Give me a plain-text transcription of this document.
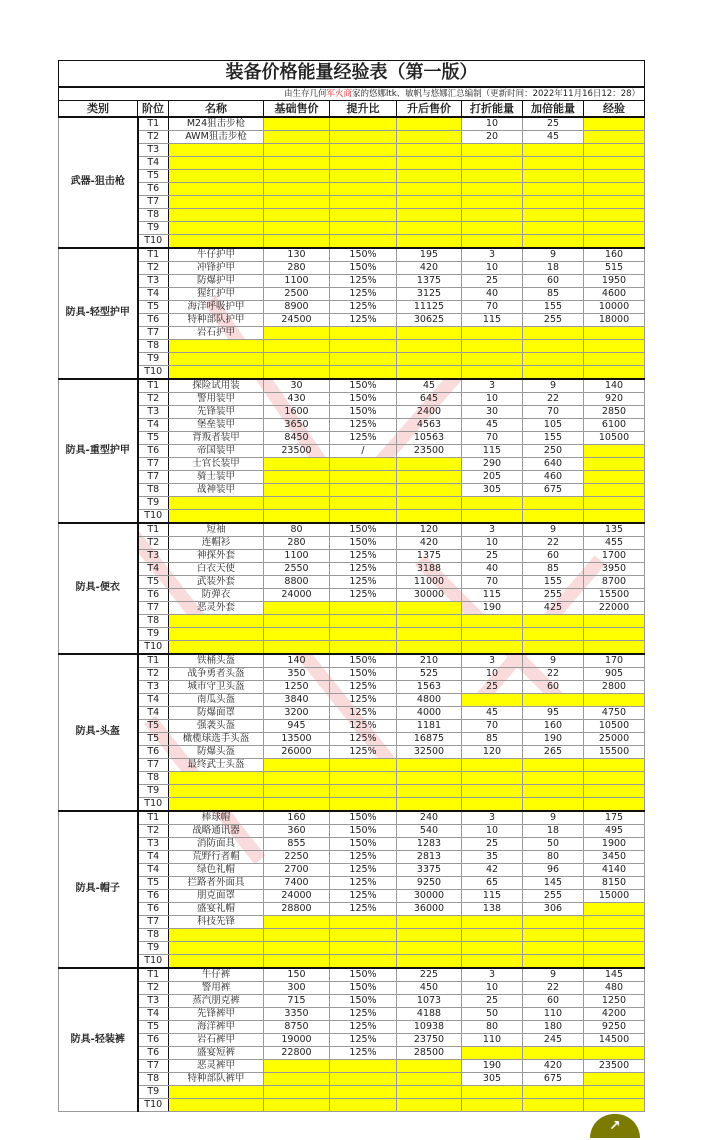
装备价格能量经验表（第一版）								
由生存几何军火商家的悠娜ltk、敏帆与悠娜汇总编制（更新时间：2022年11月16日12：28）								
类别	阶位	名称	基础售价	提升比	升后售价	打折能量	加倍能量	经验
武器-狙击枪	T1	M24狙击步枪				10	25	
	T2	AWM狙击步枪				20	45	
	T3							
	T4							
	T5							
	T6							
	T7							
	T8							
	T9							
	T10							
防具-轻型护甲	T1	牛仔护甲	130	150%	195	3	9	160
	T2	冲锋护甲	280	150%	420	10	18	515
	T3	防爆护甲	1100	125%	1375	25	60	1950
	T4	猩红护甲	2500	125%	3125	40	85	4600
	T5	海洋呼吸护甲	8900	125%	11125	70	155	10000
	T6	特种部队护甲	24500	125%	30625	115	255	18000
	T7	岩石护甲						
	T8							
	T9							
	T10							
防具-重型护甲	T1	探险试用装	30	150%	45	3	9	140
	T2	警用装甲	430	150%	645	10	22	920
	T3	先锋装甲	1600	150%	2400	30	70	2850
	T4	堡垒装甲	3650	125%	4563	45	105	6100
	T5	背叛者装甲	8450	125%	10563	70	155	10500
	T6	帝国装甲	23500	/	23500	115	250	
	T7	士官长装甲				290	640	
	T7	骑士装甲				205	460	
	T8	战神装甲				305	675	
	T9							
	T10							
防具-便衣	T1	短袖	80	150%	120	3	9	135
	T2	连帽衫	280	150%	420	10	22	455
	T3	神探外套	1100	125%	1375	25	60	1700
	T4	白衣天使	2550	125%	3188	40	85	3950
	T5	武装外套	8800	125%	11000	70	155	8700
	T6	防弹衣	24000	125%	30000	115	255	15500
	T7	恶灵外套				190	425	22000
	T8							
	T9							
	T10							
防具-头盔	T1	铁桶头盔	140	150%	210	3	9	170
	T2	战争勇者头盔	350	150%	525	10	22	905
	T3	城市守卫头盔	1250	125%	1563	25	60	2800
	T4	南瓜头盔	3840	125%	4800			
	T4	防爆面罩	3200	125%	4000	45	95	4750
	T5	强袭头盔	945	125%	1181	70	160	10500
	T5	橄榄球选手头盔	13500	125%	16875	85	190	25000
	T6	防爆头盔	26000	125%	32500	120	265	15500
	T7	最终武士头盔						
	T8							
	T9							
	T10							
防具-帽子	T1	棒球帽	160	150%	240	3	9	175
	T2	战略通讯器	360	150%	540	10	18	495
	T3	消防面具	855	150%	1283	25	50	1900
	T4	荒野行者帽	2250	125%	2813	35	80	3450
	T4	绿色礼帽	2700	125%	3375	42	96	4140
	T5	拦路者外面具	7400	125%	9250	65	145	8150
	T6	朋克面罩	24000	125%	30000	115	255	15000
	T6	盛宴礼帽	28800	125%	36000	138	306	
	T7	科技先锋						
	T8							
	T9							
	T10							
防具-轻装裤	T1	牛仔裤	150	150%	225	3	9	145
	T2	警用裤	300	150%	450	10	22	480
	T3	蒸汽朋克裤	715	150%	1073	25	60	1250
	T4	先锋裤甲	3350	125%	4188	50	110	4200
	T5	海洋裤甲	8750	125%	10938	80	180	9250
	T6	岩石裤甲	19000	125%	23750	110	245	14500
	T6	盛宴短裤	22800	125%	28500			
	T7	恶灵裤甲				190	420	23500
	T8	特种部队裤甲				305	675	
	T9							
	T10							
↗
